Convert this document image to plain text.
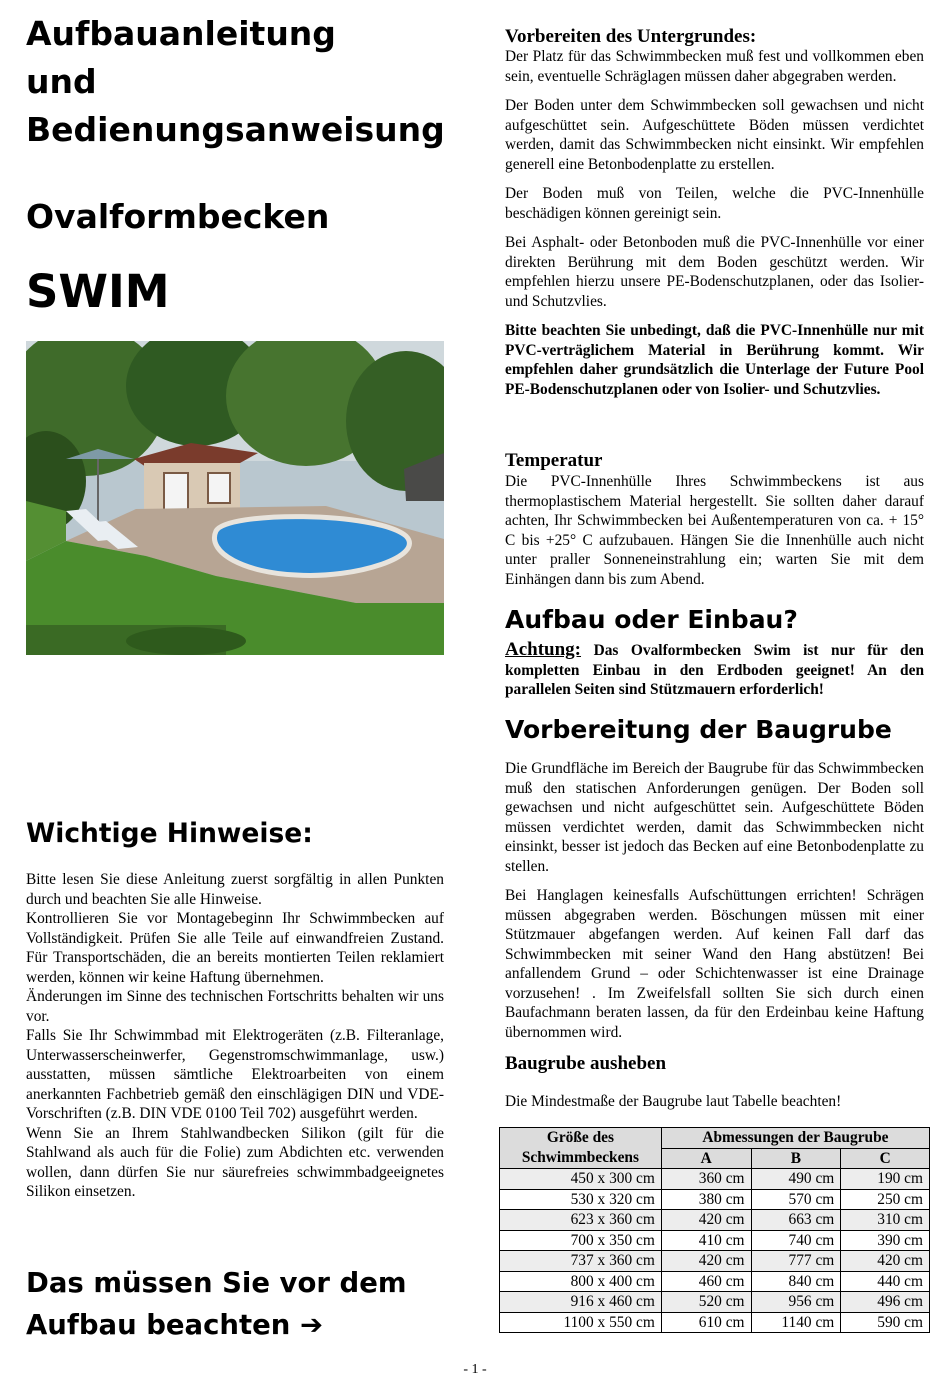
Aufbauanleitung
und
Bedienungsanweisung
Ovalformbecken
SWIM
Wichtige Hinweise:

Bitte lesen Sie diese Anleitung zuerst sorgfältig in allen Punkten durch und beachten Sie alle Hinweise.

Kontrollieren Sie vor Montagebeginn Ihr Schwimmbecken auf Vollständigkeit. Prüfen Sie alle Teile auf einwandfreien Zustand. Für Transportschäden, die an bereits montierten Teilen reklamiert werden, können wir keine Haftung übernehmen.

Änderungen im Sinne des technischen Fortschritts behalten wir uns vor.

Falls Sie Ihr Schwimmbad mit Elektrogeräten (z.B. Filteranlage, Unterwasserscheinwerfer, Gegenstromschwimmanlage, usw.) ausstatten, müssen sämtliche Elektroarbeiten von einem anerkannten Fachbetrieb gemäß den einschlägigen DIN und VDE-Vorschriften (z.B. DIN VDE 0100 Teil 702) ausgeführt werden.

Wenn Sie an Ihrem Stahlwandbecken Silikon (gilt für die Stahlwand als auch für die Folie) zum Abdichten etc. verwenden wollen, dann dürfen Sie nur säurefreies schwimmbadgeeignetes Silikon einsetzen.

Das müssen Sie vor dem
Aufbau beachten ➔
Vorbereiten des Untergrundes:

Der Platz für das Schwimmbecken muß fest und vollkommen eben sein, eventuelle Schräglagen müssen daher abgegraben werden.

Der Boden unter dem Schwimmbecken soll gewachsen und nicht aufgeschüttet sein. Aufgeschüttete Böden müssen verdichtet werden, damit das Schwimmbecken nicht einsinkt. Wir empfehlen generell eine Betonbodenplatte zu erstellen.

Der Boden muß von Teilen, welche die PVC-Innenhülle beschädigen können gereinigt sein.

Bei Asphalt- oder Betonboden muß die PVC-Innenhülle vor einer direkten Berührung mit dem Boden geschützt werden. Wir empfehlen hierzu unsere PE-Bodenschutzplanen, oder das Isolier- und Schutzvlies.

Bitte beachten Sie unbedingt, daß die PVC-Innenhülle nur mit PVC-verträglichem Material in Berührung kommt. Wir empfehlen daher grundsätzlich die Unterlage der Future Pool PE-Bodenschutzplanen oder von Isolier- und Schutzvlies.

Temperatur

Die PVC-Innenhülle Ihres Schwimmbeckens ist aus thermoplastischem Material hergestellt. Sie sollten daher darauf achten, Ihr Schwimmbecken bei Außentemperaturen von ca. + 15° C bis +25° C aufzubauen. Hängen Sie die Innenhülle auch nicht unter praller Sonneneinstrahlung ein; warten Sie mit dem Einhängen dann bis zum Abend.

Aufbau oder Einbau?

Achtung: Das Ovalformbecken Swim ist nur für den kompletten Einbau in den Erdboden geeignet! An den parallelen Seiten sind Stützmauern erforderlich!

Vorbereitung der Baugrube

Die Grundfläche im Bereich der Baugrube für das Schwimmbecken muß den statischen Anforderungen genügen. Der Boden soll gewachsen und nicht aufgeschüttet sein. Aufgeschüttete Böden müssen verdichtet werden, damit das Schwimmbecken nicht einsinkt, besser ist jedoch das Becken auf eine Betonbodenplatte zu stellen.

Bei Hanglagen keinesfalls Aufschüttungen errichten! Schrägen müssen abgegraben werden. Böschungen müssen mit einer Stützmauer abgefangen werden. Auf keinen Fall darf das Schwimmbecken mit seiner Wand den Hang abstützen! Bei anfallendem Grund – oder Schichtenwasser ist eine Drainage vorzusehen! . Im Zweifelsfall sollten Sie sich durch einen Baufachmann beraten lassen, da für den Erdeinbau keine Haftung übernommen wird.

Baugrube ausheben

Die Mindestmaße der Baugrube laut Tabelle beachten!

Größe des Schwimmbeckens	Abmessungen der Baugrube		
	A	B	C
450 x 300 cm	360 cm	490 cm	190 cm
530 x 320 cm	380 cm	570 cm	250 cm
623 x 360 cm	420 cm	663 cm	310 cm
700 x 350 cm	410 cm	740 cm	390 cm
737 x 360 cm	420 cm	777 cm	420 cm
800 x 400 cm	460 cm	840 cm	440 cm
916 x 460 cm	520 cm	956 cm	496 cm
1100 x 550 cm	610 cm	1140 cm	590 cm
- 1 -
